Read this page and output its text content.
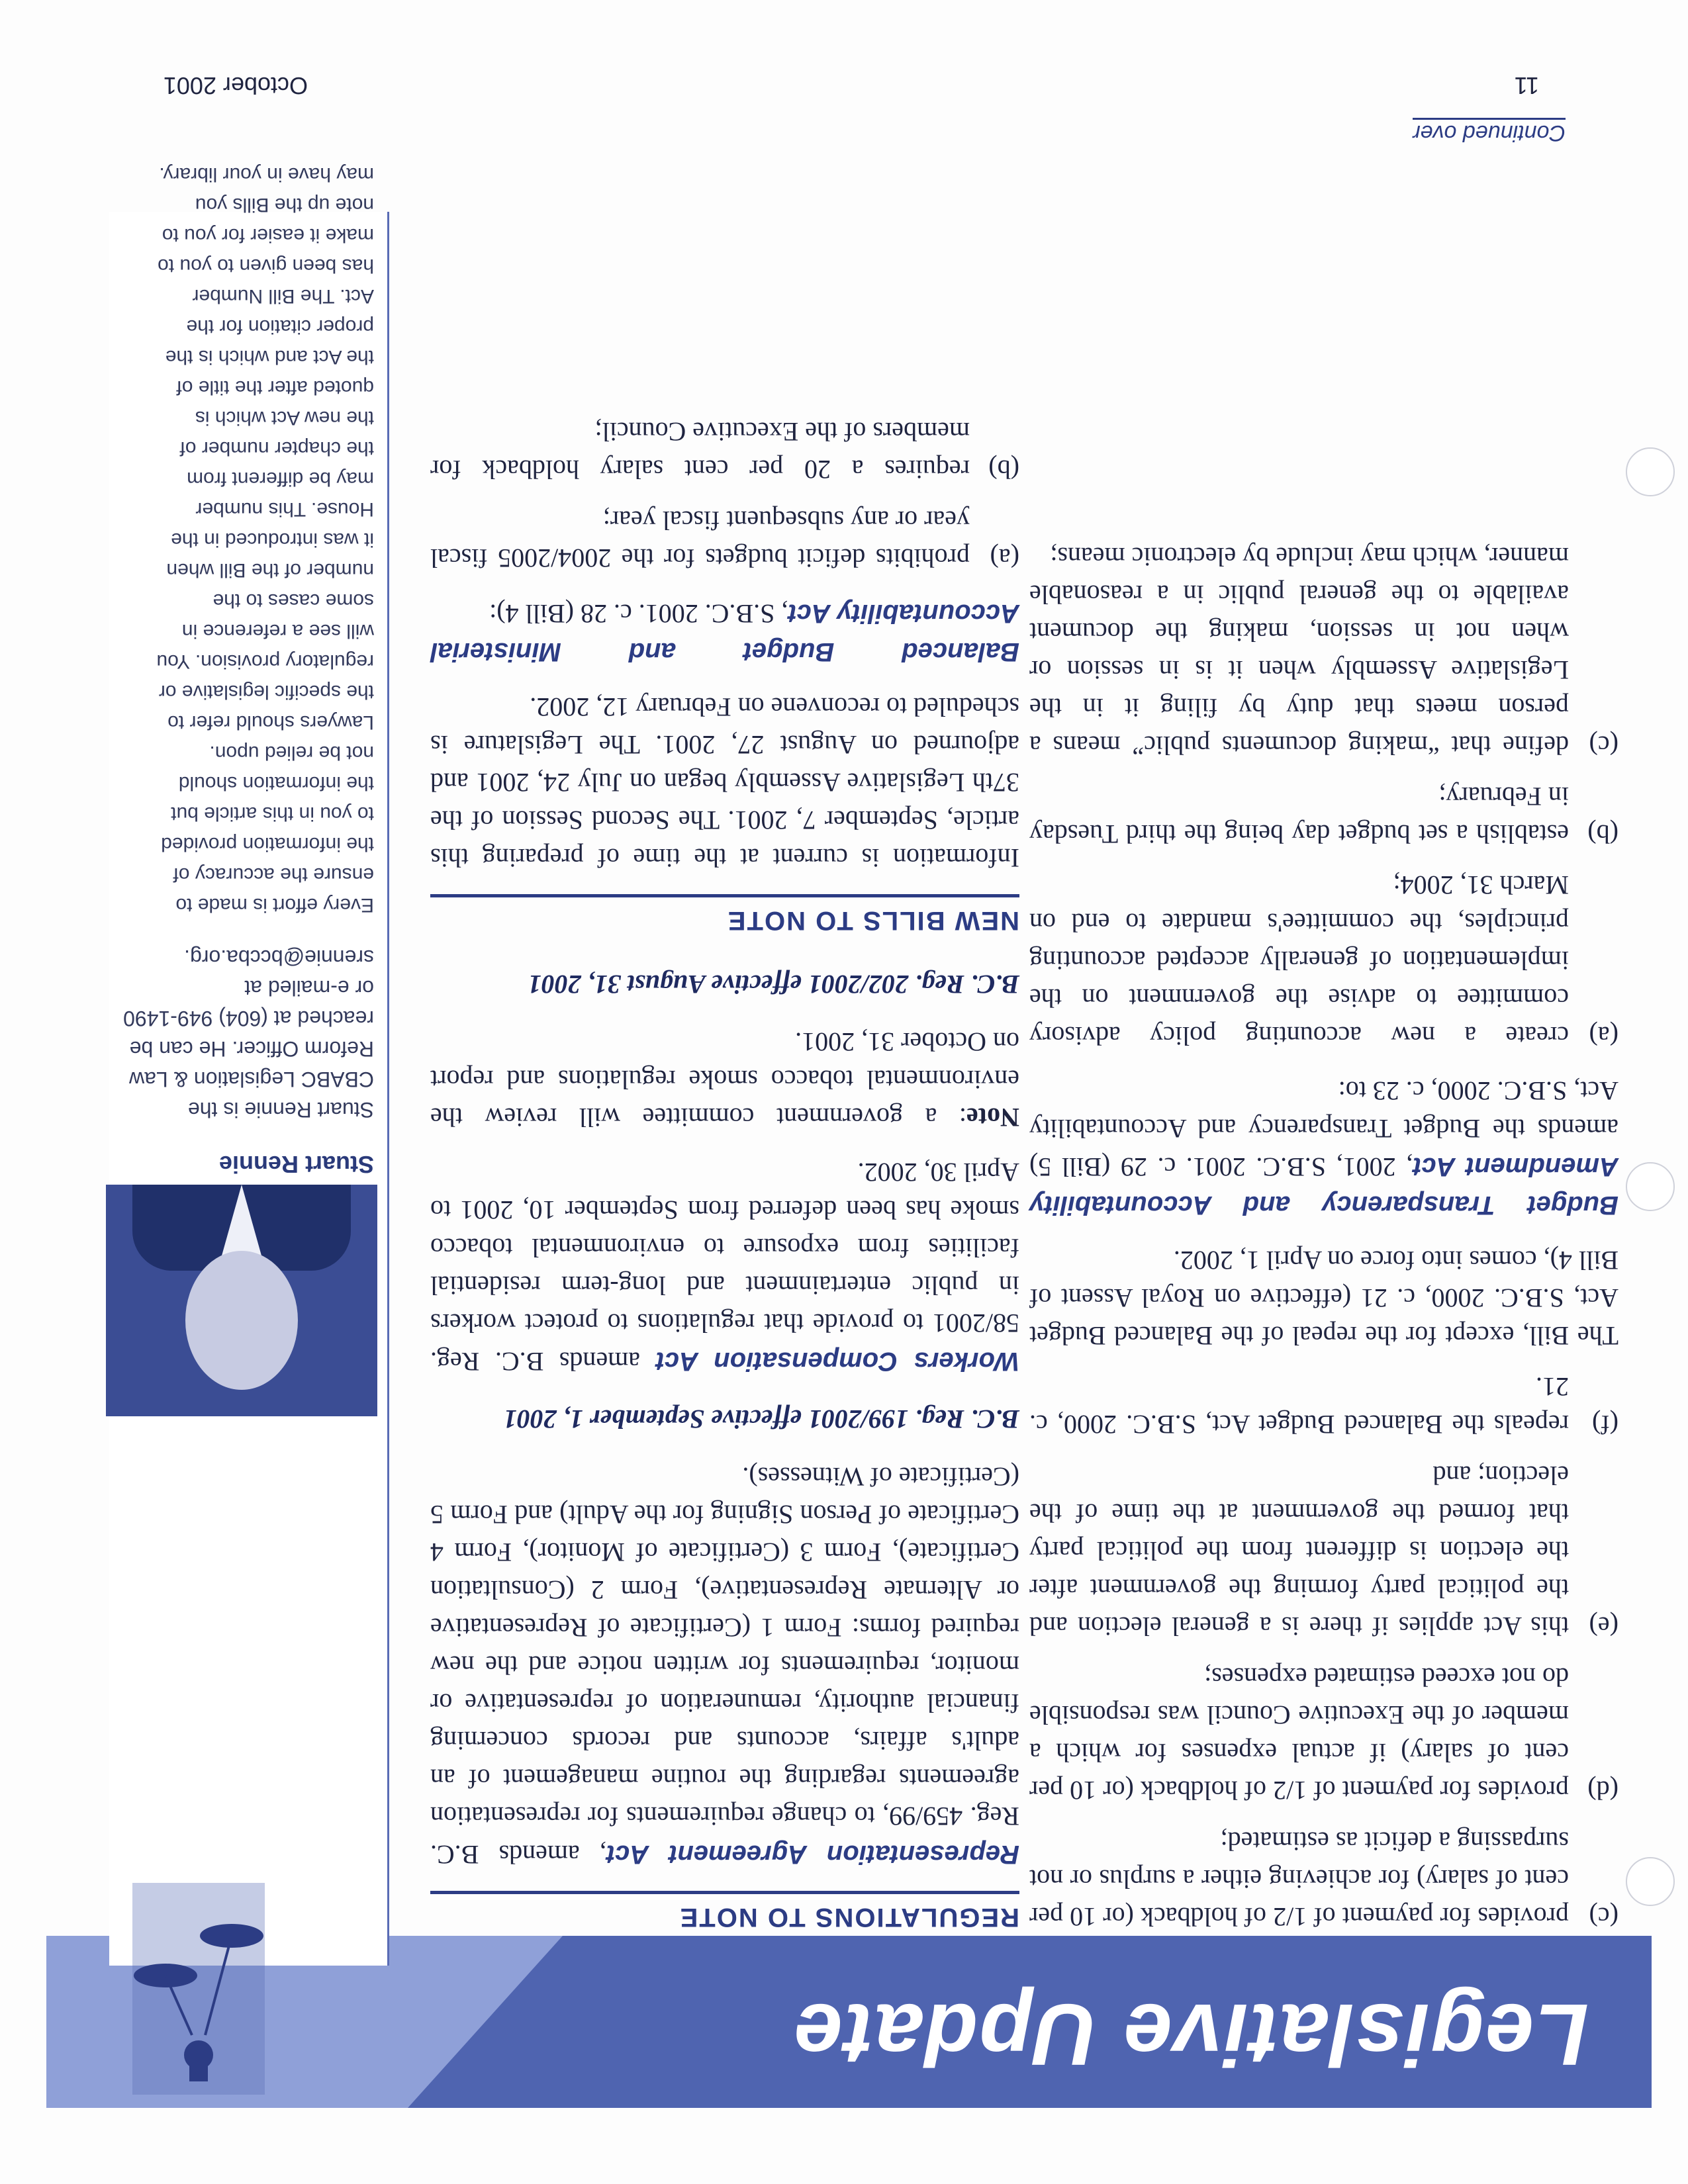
Legislative Update
Stuart Rennie
Stuart Rennie is the CBABC Legislation & Law Reform Officer. He can be reached at (604) 949-1490 or e-mailed at srennie@bccba.org.
Every effort is made to ensure the accuracy of the information provided to you in this article but the information should not be relied upon. Lawyers should refer to the specific legislative or regulatory provision. You will see a reference in some cases to the number of the Bill when it was introduced in the House. This number may be different from the chapter number of the new Act which is quoted after the title of the Act and which is the proper citation for the Act. The Bill Number has been given to you to make it easier for you to note up the Bills you may have in your library.
REGULATIONS TO NOTE

Representation Agreement Act, amends B.C. Reg. 459/99, to change requirements for representation agreements regarding the routine management of an adult's affairs, accounts and records concerning financial authority, remuneration of representative or monitor, requirements for written notice and the new required forms: Form 1 (Certificate of Representative or Alternate Representative), Form 2 (Consultation Certificate), Form 3 (Certificate of Monitor), Form 4 Certificate of Person Signing for the Adult) and Form 5 (Certificate of Witnesses).

B.C. Reg. 199/2001 effective September 1, 2001

Workers Compensation Act amends B.C. Reg. 58/2001 to provide that regulations to protect workers in public entertainment and long-term residential facilities from exposure to environmental tobacco smoke has been deferred from September 10, 2001 to April 30, 2002.

Note: a government committee will review the environmental tobacco smoke regulations and report on October 31, 2001.

B.C. Reg. 202/2001 effective August 31, 2001
NEW BILLS TO NOTE

Information is current at the time of preparing this article, September 7, 2001. The Second Session of the 37th Legislative Assembly began on July 24, 2001 and adjourned on August 27, 2001. The Legislature is scheduled to reconvene on February 12, 2002.

Balanced Budget and Ministerial Accountability Act, S.B.C. 2001. c. 28 (Bill 4):

(a)
prohibits deficit budgets for the 2004/2005 fiscal year or any subsequent fiscal year;
(b)
requires a 20 per cent salary holdback for members of the Executive Council;
(c)
provides for payment of 1/2 of holdback (or 10 per cent of salary) for achieving either a surplus or not surpassing a deficit as estimated;
(d)
provides for payment of 1/2 of holdback (or 10 per cent of salary) if actual expenses for which a member of the Executive Council was responsible do not exceed estimated expenses;
(e)
this Act applies if there is a general election and the political party forming the government after the election is different from the political party that formed the government at the time of the election; and
(f)
repeals the Balanced Budget Act, S.B.C. 2000, c. 21.

The Bill, except for the repeal of the Balanced Budget Act, S.B.C. 2000, c. 21 (effective on Royal Assent of Bill 4), comes into force on April 1, 2002.

Budget Transparency and Accountability Amendment Act, 2001, S.B.C. 2001. c. 29 (Bill 5) amends the Budget Transparency and Accountability Act, S.B.C. 2000, c. 23 to:

(a)
create a new accounting policy advisory committee to advise the government on the implementation of generally accepted accounting principles, the committee's mandate to end on March 31, 2004;
(b)
establish a set budget day being the third Tuesday in February;
(c)
define that “making documents public” means a person meets that duty by filing it in the Legislative Assembly when it is in session or when not in session, making the document available to the general public in a reasonable manner, which may include by electronic means;
October 2001
Continued over
11
